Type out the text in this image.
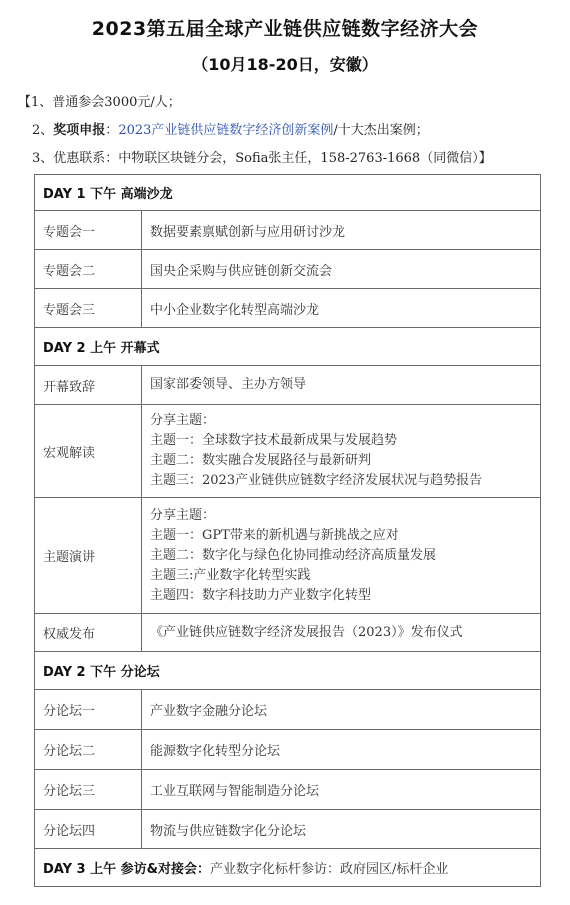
2023第五届全球产业链供应链数字经济大会
（10月18-20日，安徽）
【1、普通参会3000元/人；
2、奖项申报：2023产业链供应链数字经济创新案例/十大杰出案例；
3、优惠联系：中物联区块链分会，Sofia张主任，158-2763-1668（同微信）】
DAY 1 下午 高端沙龙	
专题会一	数据要素禀赋创新与应用研讨沙龙
专题会二	国央企采购与供应链创新交流会
专题会三	中小企业数字化转型高端沙龙
DAY 2 上午 开幕式	
开幕致辞	国家部委领导、主办方领导

宏观解读	分享主题：
主题一：全球数字技术最新成果与发展趋势
主题二：数实融合发展路径与最新研判
主题三：2023产业链供应链数字经济发展状况与趋势报告

主题演讲	分享主题：
主题一：GPT带来的新机遇与新挑战之应对
主题二：数字化与绿色化协同推动经济高质量发展
主题三:产业数字化转型实践
主题四：数字科技助力产业数字化转型

权威发布	《产业链供应链数字经济发展报告（2023）》发布仪式

DAY 2 下午 分论坛	
分论坛一	产业数字金融分论坛
分论坛二	能源数字化转型分论坛
分论坛三	工业互联网与智能制造分论坛
分论坛四	物流与供应链数字化分论坛
DAY 3 上午 参访&对接会：产业数字化标杆参访：政府园区/标杆企业	
